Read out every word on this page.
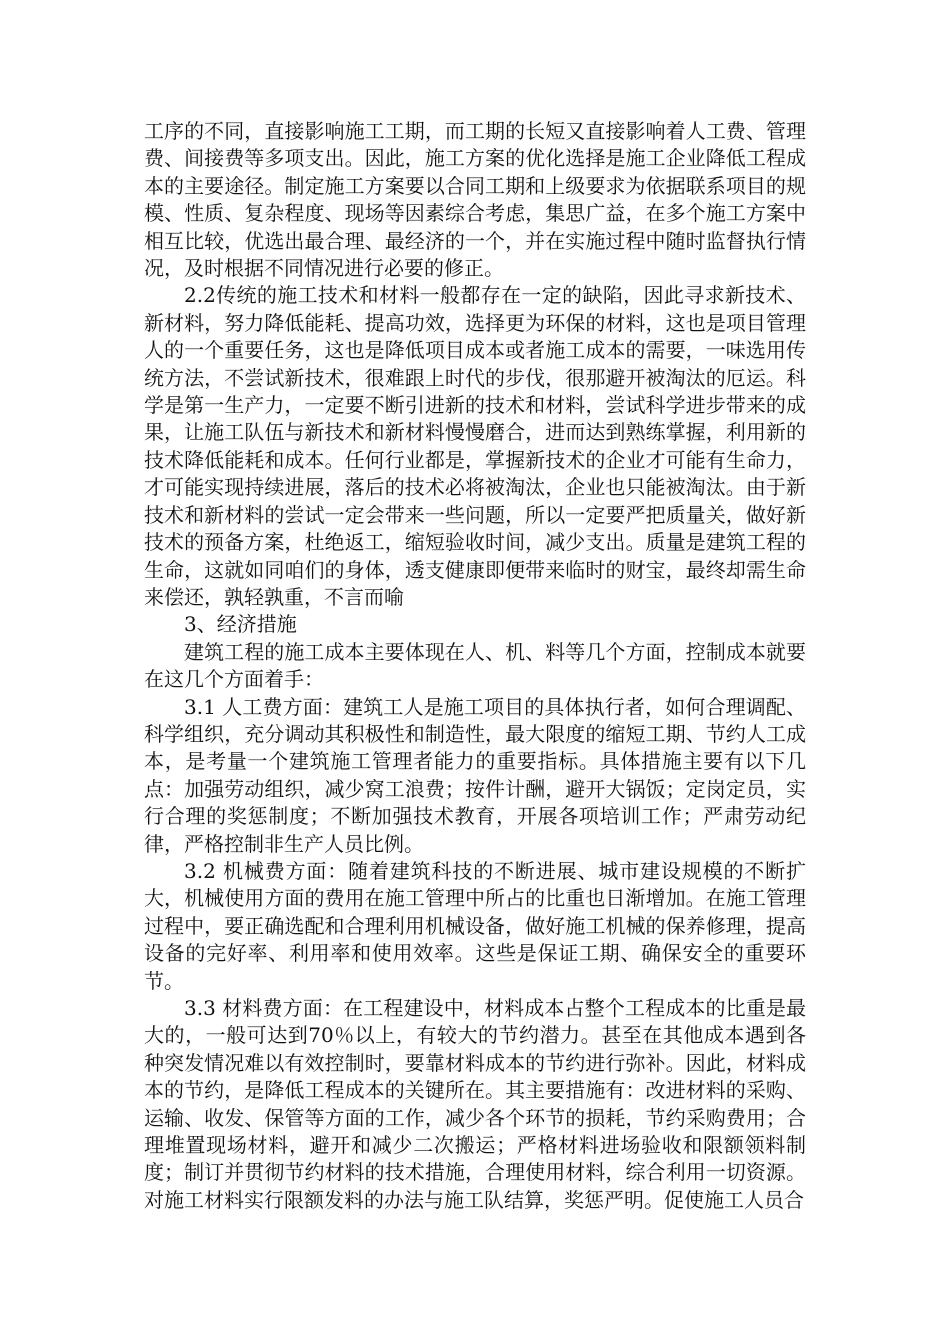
工序的不同，直接影响施工工期，而工期的长短又直接影响着人工费、管理费、间接费等多项支出。因此，施工方案的优化选择是施工企业降低工程成本的主要途径。制定施工方案要以合同工期和上级要求为依据联系项目的规模、性质、复杂程度、现场等因素综合考虑，集思广益，在多个施工方案中相互比较，优选出最合理、最经济的一个，并在实施过程中随时监督执行情况，及时根据不同情况进行必要的修正。

2.2传统的施工技术和材料一般都存在一定的缺陷，因此寻求新技术、新材料，努力降低能耗、提高功效，选择更为环保的材料，这也是项目管理人的一个重要任务，这也是降低项目成本或者施工成本的需要，一味选用传统方法，不尝试新技术，很难跟上时代的步伐，很那避开被淘汰的厄运。科学是第一生产力，一定要不断引进新的技术和材料，尝试科学进步带来的成果，让施工队伍与新技术和新材料慢慢磨合，进而达到熟练掌握，利用新的技术降低能耗和成本。任何行业都是，掌握新技术的企业才可能有生命力，才可能实现持续进展，落后的技术必将被淘汰，企业也只能被淘汰。由于新技术和新材料的尝试一定会带来一些问题，所以一定要严把质量关，做好新技术的预备方案，杜绝返工，缩短验收时间，减少支出。质量是建筑工程的生命，这就如同咱们的身体，透支健康即便带来临时的财宝，最终却需生命来偿还，孰轻孰重，不言而喻

3、经济措施

建筑工程的施工成本主要体现在人、机、料等几个方面，控制成本就要在这几个方面着手：

3.1 人工费方面：建筑工人是施工项目的具体执行者，如何合理调配、科学组织，充分调动其积极性和制造性，最大限度的缩短工期、节约人工成本，是考量一个建筑施工管理者能力的重要指标。具体措施主要有以下几点：加强劳动组织，减少窝工浪费；按件计酬，避开大锅饭；定岗定员，实行合理的奖惩制度；不断加强技术教育，开展各项培训工作；严肃劳动纪律，严格控制非生产人员比例。

3.2 机械费方面：随着建筑科技的不断进展、城市建设规模的不断扩大，机械使用方面的费用在施工管理中所占的比重也日渐增加。在施工管理过程中，要正确选配和合理利用机械设备，做好施工机械的保养修理，提高设备的完好率、利用率和使用效率。这些是保证工期、确保安全的重要环节。

3.3 材料费方面：在工程建设中，材料成本占整个工程成本的比重是最大的，一般可达到70％以上，有较大的节约潜力。甚至在其他成本遇到各种突发情况难以有效控制时，要靠材料成本的节约进行弥补。因此，材料成本的节约，是降低工程成本的关键所在。其主要措施有：改进材料的采购、运输、收发、保管等方面的工作，减少各个环节的损耗，节约采购费用；合理堆置现场材料，避开和减少二次搬运；严格材料进场验收和限额领料制度；制订并贯彻节约材料的技术措施，合理使用材料，综合利用一切资源。对施工材料实行限额发料的办法与施工队结算，奖惩严明。促使施工人员合
